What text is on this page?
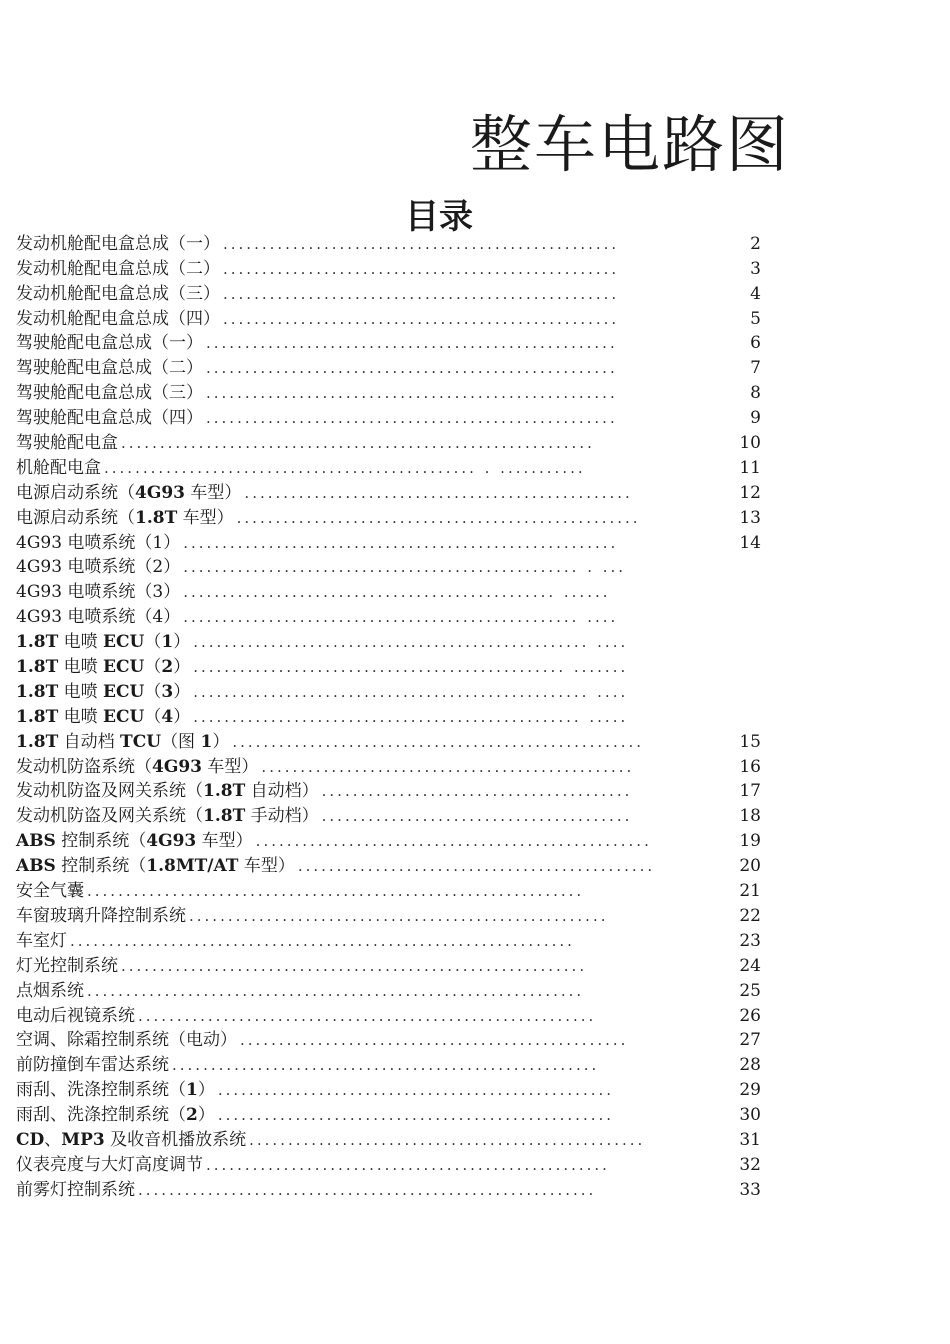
整车电路图
目录
发动机舱配电盒总成（一） ...................................................	2
发动机舱配电盒总成（二） ...................................................	3
发动机舱配电盒总成（三） ...................................................	4
发动机舱配电盒总成（四） ...................................................	5
驾驶舱配电盒总成（一） .....................................................	6
驾驶舱配电盒总成（二） .....................................................	7
驾驶舱配电盒总成（三） .....................................................	8
驾驶舱配电盒总成（四） .....................................................	9
驾驶舱配电盒 .............................................................	10
机舱配电盒 ................................................ . ...........	11
电源启动系统（4G93 车型） ..................................................	12
电源启动系统（1.8T 车型） ....................................................	13
4G93 电喷系统（1） ........................................................	14
4G93 电喷系统（2） ................................................... . ...
4G93 电喷系统（3） ................................................ ......
4G93 电喷系统（4） ................................................... ....
1.8T 电喷 ECU（1） ................................................... ....
1.8T 电喷 ECU（2） ................................................ .......
1.8T 电喷 ECU（3） ................................................... ....
1.8T 电喷 ECU（4） .................................................. .....
1.8T 自动档 TCU（图 1） .....................................................	15
发动机防盗系统（4G93 车型） ................................................	16
发动机防盗及网关系统（1.8T 自动档） ........................................	17
发动机防盗及网关系统（1.8T 手动档） ........................................	18
ABS 控制系统（4G93 车型） ...................................................	19
ABS 控制系统（1.8MT/AT 车型） ..............................................	20
安全气囊 ................................................................	21
车窗玻璃升降控制系统 ......................................................	22
车室灯 .................................................................	23
灯光控制系统 ............................................................	24
点烟系统 ................................................................	25
电动后视镜系统 ...........................................................	26
空调、除霜控制系统（电动） ..................................................	27
前防撞倒车雷达系统 .......................................................	28
雨刮、洗涤控制系统（1） ...................................................	29
雨刮、洗涤控制系统（2） ...................................................	30
CD、MP3 及收音机播放系统 ...................................................	31
仪表亮度与大灯高度调节 ....................................................	32
前雾灯控制系统 ...........................................................	33
